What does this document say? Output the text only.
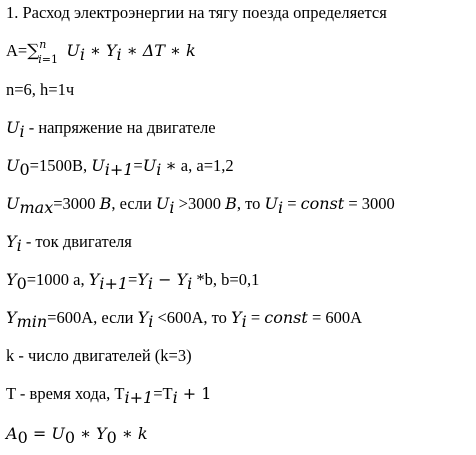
1. Расход электроэнергии на тягу поезда определяется
A= ∑ n
i=1 $U_i$ ∗ $Y_i$ ∗ ΔT ∗ k
n=6, h=1ч
$U_i$ - напряжение на двигателе
$U_0=1500В$, $U_{i+1}=U_i$ ∗ a, a=1,2
$U_{max}=3000$ В, если $U_i >3000$ В, то $U_i$ = const = 3000
$Y_i$ - ток двигателя
$Y_0=1000$ a, $Y_{i+1}=Y_i - Y_i$ *b, b=0,1
$Y_{min}=600А$, если $Y_i <600А$, то $Y_i$ = const = 600А
k - число двигателей (k=3)
T - время хода, $T_{i+1}=T_i + 1$
$A_0 = U_0$ ∗ $Y_0$ ∗ k
